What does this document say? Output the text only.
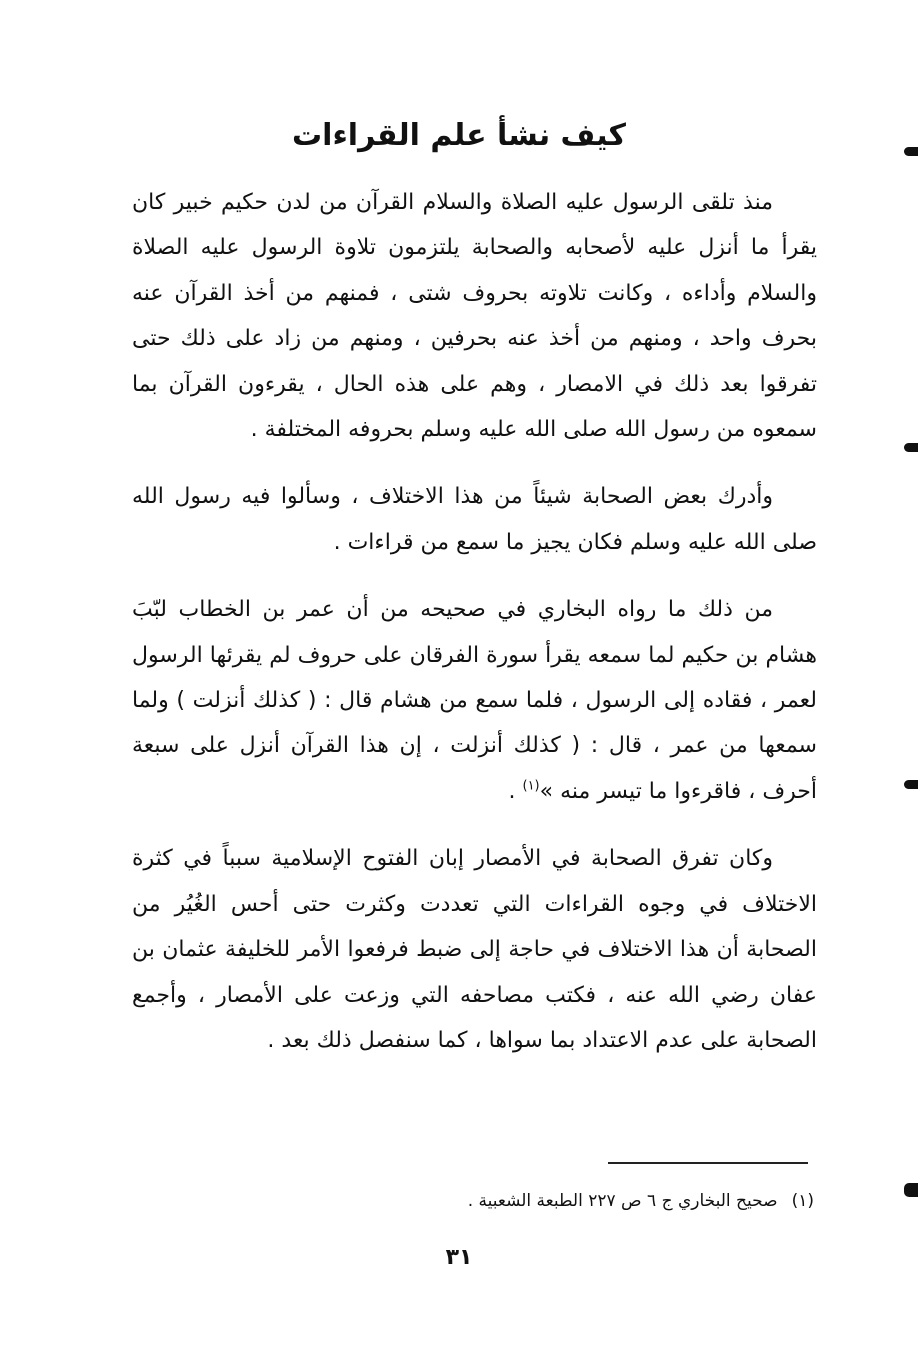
كيف نشأ علم القراءات

منذ تلقى الرسول عليه الصلاة والسلام القرآن من لدن حكيم خبير كان يقرأ ما أنزل عليه لأصحابه والصحابة يلتزمون تلاوة الرسول عليه الصلاة والسلام وأداءه ، وكانت تلاوته بحروف شتى ، فمنهم من أخذ القرآن عنه بحرف واحد ، ومنهم من أخذ عنه بحرفين ، ومنهم من زاد على ذلك حتى تفرقوا بعد ذلك في الامصار ، وهم على هذه الحال ، يقرءون القرآن بما سمعوه من رسول الله صلى الله عليه وسلم بحروفه المختلفة .

وأدرك بعض الصحابة شيئاً من هذا الاختلاف ، وسألوا فيه رسول الله صلى الله عليه وسلم فكان يجيز ما سمع من قراءات .

من ذلك ما رواه البخاري في صحيحه من أن عمر بن الخطاب لبّبَ هشام بن حكيم لما سمعه يقرأ سورة الفرقان على حروف لم يقرئها الرسول لعمر ، فقاده إلى الرسول ، فلما سمع من هشام قال : ( كذلك أنزلت ) ولما سمعها من عمر ، قال : ( كذلك أنزلت ، إن هذا القرآن أنزل على سبعة أحرف ، فاقرءوا ما تيسر منه »$^{(١)}$ .

وكان تفرق الصحابة في الأمصار إبان الفتوح الإسلامية سبباً في كثرة الاختلاف في وجوه القراءات التي تعددت وكثرت حتى أحس الغُيُر من الصحابة أن هذا الاختلاف في حاجة إلى ضبط فرفعوا الأمر للخليفة عثمان بن عفان رضي الله عنه ، فكتب مصاحفه التي وزعت على الأمصار ، وأجمع الصحابة على عدم الاعتداد بما سواها ، كما سنفصل ذلك بعد .

(١)صحيح البخاري ج ٦ ص ٢٢٧ الطبعة الشعبية .
٣١
